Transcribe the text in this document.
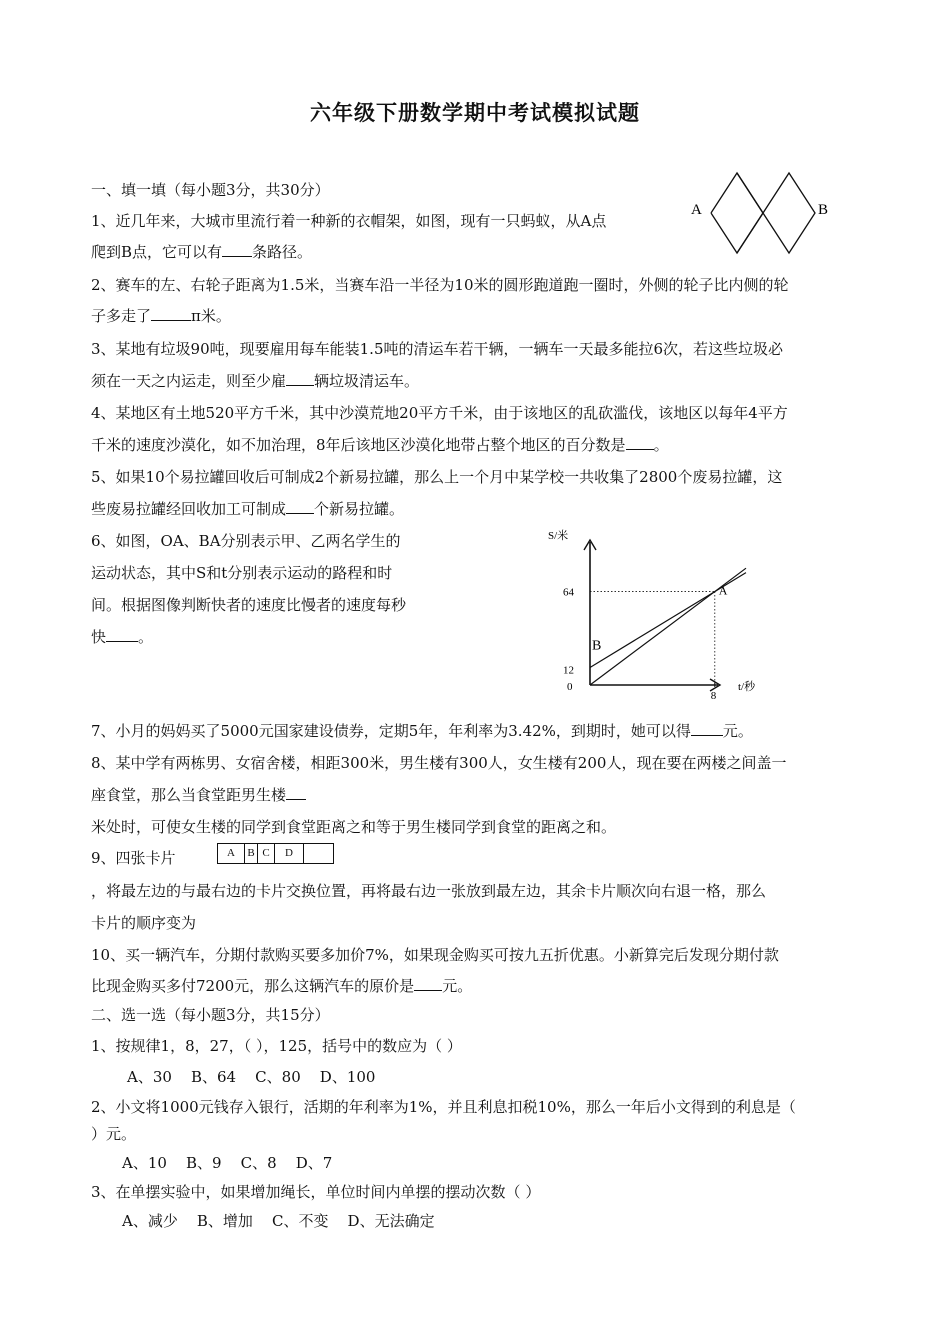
六年级下册数学期中考试模拟试题
一、填一填（每小题3分，共30分）
A	B
1、近几年来，大城市里流行着一种新的衣帽架，如图，现有一只蚂蚁，从A点
爬到B点，它可以有 条路径。
2、赛车的左、右轮子距离为1.5米，当赛车沿一半径为10米的圆形跑道跑一圈时，外侧的轮子比内侧的轮
子多走了	π米。
3、某地有垃圾90吨，现要雇用每车能装1.5吨的清运车若干辆，一辆车一天最多能拉6次，若这些垃圾必
须在一天之内运走，则至少雇 辆垃圾清运车。
4、某地区有土地520平方千米，其中沙漠荒地20平方千米，由于该地区的乱砍滥伐，该地区以每年4平方
千米的速度沙漠化，如不加治理，8年后该地区沙漠化地带占整个地区的百分数是 。
5、如果10个易拉罐回收后可制成2个新易拉罐，那么上一个月中某学校一共收集了2800个废易拉罐，这
些废易拉罐经回收加工可制成 个新易拉罐。
6、如图，OA、BA分别表示甲、乙两名学生的
运动状态，其中S和t分别表示运动的路程和时
间。根据图像判断快者的速度比慢者的速度每秒
快 。
S/米
t/秒
0
64
12
8
A
B
7、小月的妈妈买了5000元国家建设债券，定期5年，年利率为3.42%，到期时，她可以得 元。
8、某中学有两栋男、女宿舍楼，相距300米，男生楼有300人，女生楼有200人，现在要在两楼之间盖一
座食堂，那么当食堂距男生楼
米处时，可使女生楼的同学到食堂距离之和等于男生楼同学到食堂的距离之和。
9、四张卡片	A	B C	D
，将最左边的与最右边的卡片交换位置，再将最右边一张放到最左边，其余卡片顺次向右退一格，那么
卡片的顺序变为
10、买一辆汽车，分期付款购买要多加价7%，如果现金购买可按九五折优惠。小新算完后发现分期付款
比现金购买多付7200元，那么这辆汽车的原价是 元。
二、选一选（每小题3分，共15分）
1、按规律1，8，27，（ ），125，括号中的数应为（ ）
A、30    B、64    C、80    D、100
2、小文将1000元钱存入银行，活期的年利率为1%，并且利息扣税10%，那么一年后小文得到的利息是（
）元。
A、10    B、9    C、8    D、7
3、在单摆实验中，如果增加绳长，单位时间内单摆的摆动次数（ ）
A、减少    B、增加    C、不变    D、无法确定
